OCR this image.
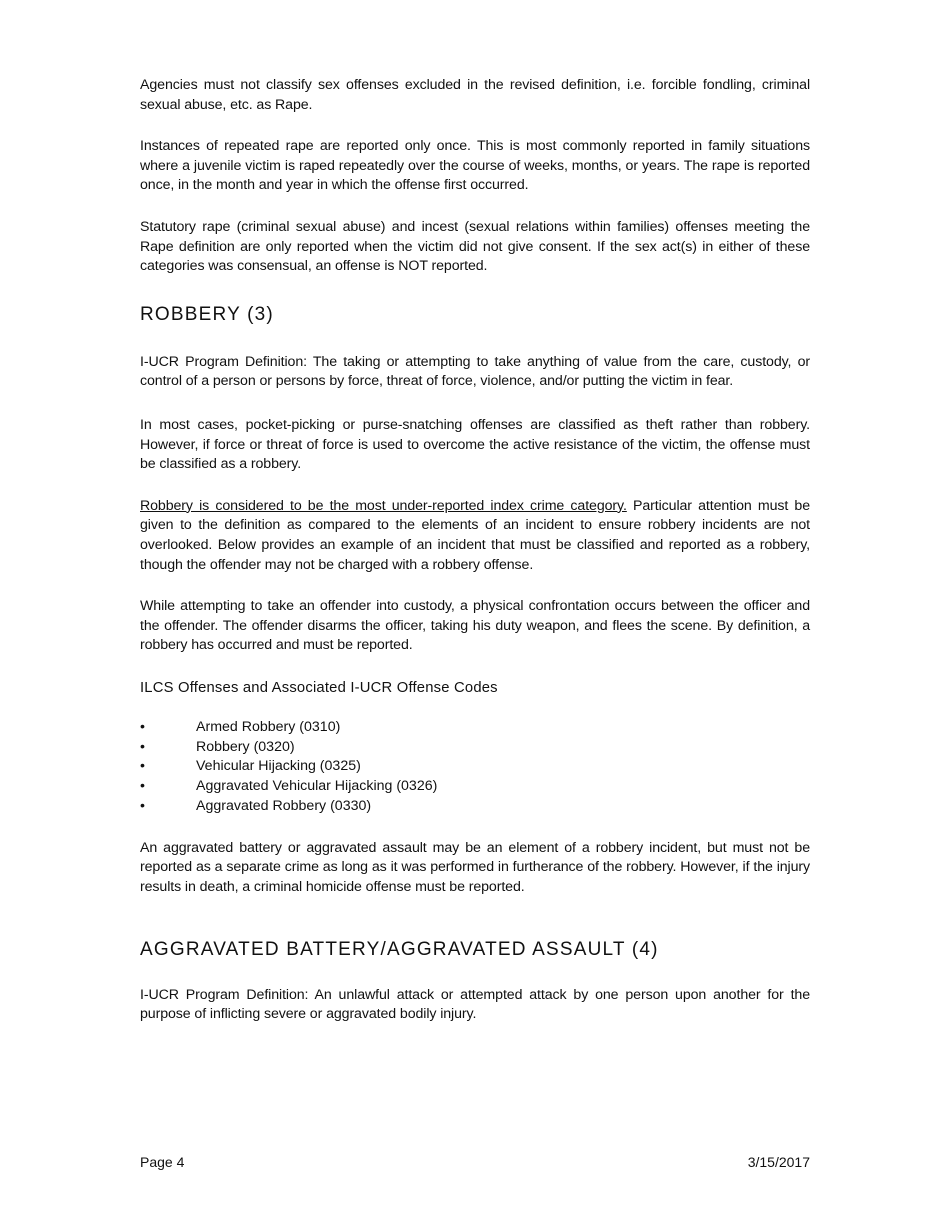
Agencies must not classify sex offenses excluded in the revised definition, i.e. forcible fondling, criminal sexual abuse, etc. as Rape.

Instances of repeated rape are reported only once. This is most commonly reported in family situations where a juvenile victim is raped repeatedly over the course of weeks, months, or years. The rape is reported once, in the month and year in which the offense first occurred.

Statutory rape (criminal sexual abuse) and incest (sexual relations within families) offenses meeting the Rape definition are only reported when the victim did not give consent. If the sex act(s) in either of these categories was consensual, an offense is NOT reported.

ROBBERY (3)

I-UCR Program Definition: The taking or attempting to take anything of value from the care, custody, or control of a person or persons by force, threat of force, violence, and/or putting the victim in fear.

In most cases, pocket-picking or purse-snatching offenses are classified as theft rather than robbery. However, if force or threat of force is used to overcome the active resistance of the victim, the offense must be classified as a robbery.

Robbery is considered to be the most under-reported index crime category. Particular attention must be given to the definition as compared to the elements of an incident to ensure robbery incidents are not overlooked. Below provides an example of an incident that must be classified and reported as a robbery, though the offender may not be charged with a robbery offense.

While attempting to take an offender into custody, a physical confrontation occurs between the officer and the offender. The offender disarms the officer, taking his duty weapon, and flees the scene. By definition, a robbery has occurred and must be reported.

ILCS Offenses and Associated I-UCR Offense Codes
•	Armed Robbery (0310)
•	Robbery (0320)
•	Vehicular Hijacking (0325)
•	Aggravated Vehicular Hijacking (0326)
•	Aggravated Robbery (0330)

An aggravated battery or aggravated assault may be an element of a robbery incident, but must not be reported as a separate crime as long as it was performed in furtherance of the robbery. However, if the injury results in death, a criminal homicide offense must be reported.

AGGRAVATED BATTERY/AGGRAVATED ASSAULT (4)

I-UCR Program Definition: An unlawful attack or attempted attack by one person upon another for the purpose of inflicting severe or aggravated bodily injury.

Page 4	3/15/2017
